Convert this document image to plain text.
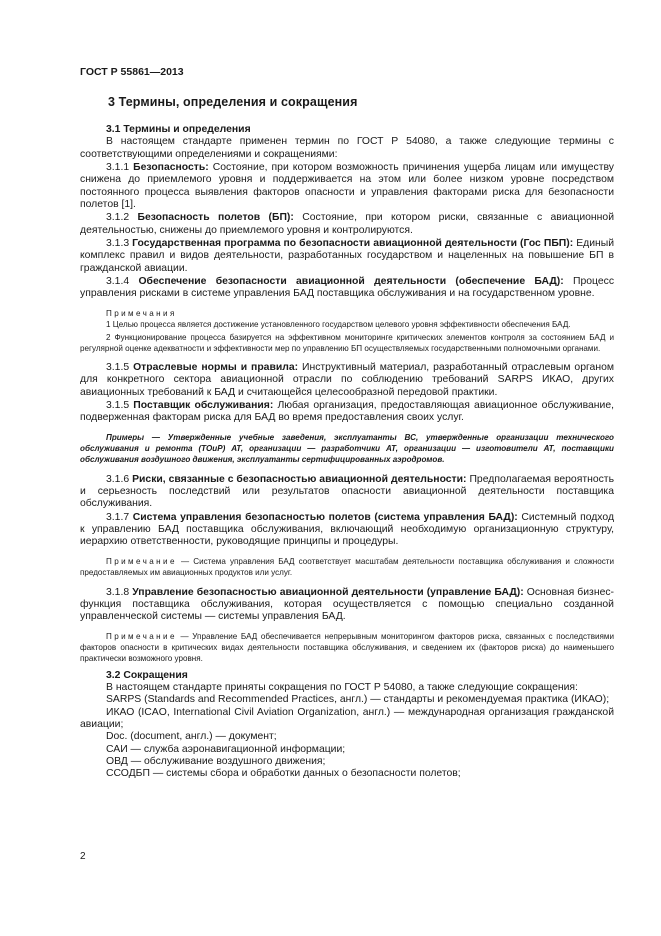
ГОСТ Р 55861—2013
3 Термины, определения и сокращения

3.1 Термины и определения

В настоящем стандарте применен термин по ГОСТ Р 54080, а также следующие термины с соответствующими определениями и сокращениями:

3.1.1 Безопасность: Состояние, при котором возможность причинения ущерба лицам или имуществу снижена до приемлемого уровня и поддерживается на этом или более низком уровне посредством постоянного процесса выявления факторов опасности и управления факторами риска для безопасности полетов [1].

3.1.2 Безопасность полетов (БП): Состояние, при котором риски, связанные с авиационной деятельностью, снижены до приемлемого уровня и контролируются.

3.1.3 Государственная программа по безопасности авиационной деятельности (Гос ПБП): Единый комплекс правил и видов деятельности, разработанных государством и нацеленных на повышение БП в гражданской авиации.

3.1.4 Обеспечение безопасности авиационной деятельности (обеспечение БАД): Процесс управления рисками в системе управления БАД поставщика обслуживания и на государственном уровне.

Примечания

1 Целью процесса является достижение установленного государством целевого уровня эффективности обеспечения БАД.

2 Функционирование процесса базируется на эффективном мониторинге критических элементов контроля за состоянием БАД и регулярной оценке адекватности и эффективности мер по управлению БП осуществляемых государственными полномочными органами.

3.1.5 Отраслевые нормы и правила: Инструктивный материал, разработанный отраслевым органом для конкретного сектора авиационной отрасли по соблюдению требований SARPS ИКАО, других авиационных требований к БАД и считающейся целесообразной передовой практики.

3.1.5 Поставщик обслуживания: Любая организация, предоставляющая авиационное обслуживание, подверженная факторам риска для БАД во время предоставления своих услуг.

Примеры — Утвержденные учебные заведения, эксплуатанты ВС, утвержденные организации технического обслуживания и ремонта (ТОиР) АТ, организации — разработчики АТ, организации — изготовители АТ, поставщики обслуживания воздушного движения, эксплуатанты сертифицированных аэродромов.

3.1.6 Риски, связанные с безопасностью авиационной деятельности: Предполагаемая вероятность и серьезность последствий или результатов опасности авиационной деятельности поставщика обслуживания.

3.1.7 Система управления безопасностью полетов (система управления БАД): Системный подход к управлению БАД поставщика обслуживания, включающий необходимую организационную структуру, иерархию ответственности, руководящие принципы и процедуры.

Примечание — Система управления БАД соответствует масштабам деятельности поставщика обслуживания и сложности предоставляемых им авиационных продуктов или услуг.

3.1.8 Управление безопасностью авиационной деятельности (управление БАД): Основная бизнес-функция поставщика обслуживания, которая осуществляется с помощью специально созданной управленческой системы — системы управления БАД.

Примечание — Управление БАД обеспечивается непрерывным мониторингом факторов риска, связанных с последствиями факторов опасности в критических видах деятельности поставщика обслуживания, и сведением их (факторов риска) до наименьшего практически возможного уровня.

3.2 Сокращения

В настоящем стандарте приняты сокращения по ГОСТ Р 54080, а также следующие сокращения:

SARPS (Standards and Recommended Practices, англ.) — стандарты и рекомендуемая практика (ИКАО);

ИКАО (ICAO, International Civil Aviation Organization, англ.) — международная организация гражданской авиации;

Doc. (document, англ.) — документ;

САИ — служба аэронавигационной информации;

ОВД — обслуживание воздушного движения;

ССОДБП — системы сбора и обработки данных о безопасности полетов;

2
